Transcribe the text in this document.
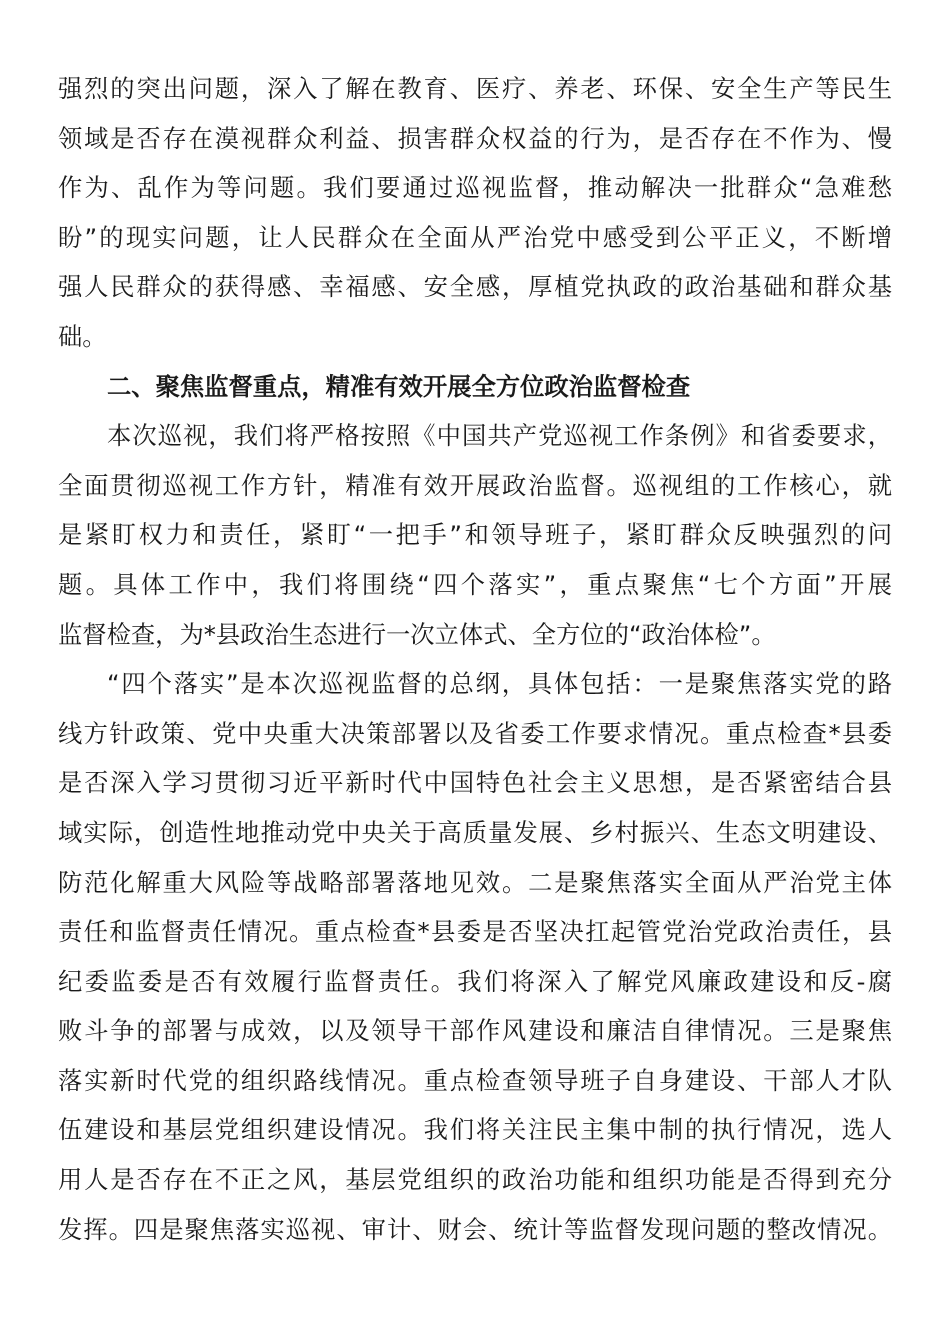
强烈的突出问题，深入了解在教育、医疗、养老、环保、安全生产等民生
领域是否存在漠视群众利益、损害群众权益的行为，是否存在不作为、慢
作为、乱作为等问题。我们要通过巡视监督，推动解决一批群众“急难愁
盼”的现实问题，让人民群众在全面从严治党中感受到公平正义，不断增
强人民群众的获得感、幸福感、安全感，厚植党执政的政治基础和群众基
础。
二、聚焦监督重点，精准有效开展全方位政治监督检查
本次巡视，我们将严格按照《中国共产党巡视工作条例》和省委要求，
全面贯彻巡视工作方针，精准有效开展政治监督。巡视组的工作核心，就
是紧盯权力和责任，紧盯“一把手”和领导班子，紧盯群众反映强烈的问
题。具体工作中，我们将围绕“四个落实”，重点聚焦“七个方面”开展
监督检查，为*县政治生态进行一次立体式、全方位的“政治体检”。
“四个落实”是本次巡视监督的总纲，具体包括：一是聚焦落实党的路
线方针政策、党中央重大决策部署以及省委工作要求情况。重点检查*县委
是否深入学习贯彻习近平新时代中国特色社会主义思想，是否紧密结合县
域实际，创造性地推动党中央关于高质量发展、乡村振兴、生态文明建设、
防范化解重大风险等战略部署落地见效。二是聚焦落实全面从严治党主体
责任和监督责任情况。重点检查*县委是否坚决扛起管党治党政治责任，县
纪委监委是否有效履行监督责任。我们将深入了解党风廉政建设和反-腐
败斗争的部署与成效，以及领导干部作风建设和廉洁自律情况。三是聚焦
落实新时代党的组织路线情况。重点检查领导班子自身建设、干部人才队
伍建设和基层党组织建设情况。我们将关注民主集中制的执行情况，选人
用人是否存在不正之风，基层党组织的政治功能和组织功能是否得到充分
发挥。四是聚焦落实巡视、审计、财会、统计等监督发现问题的整改情况。
